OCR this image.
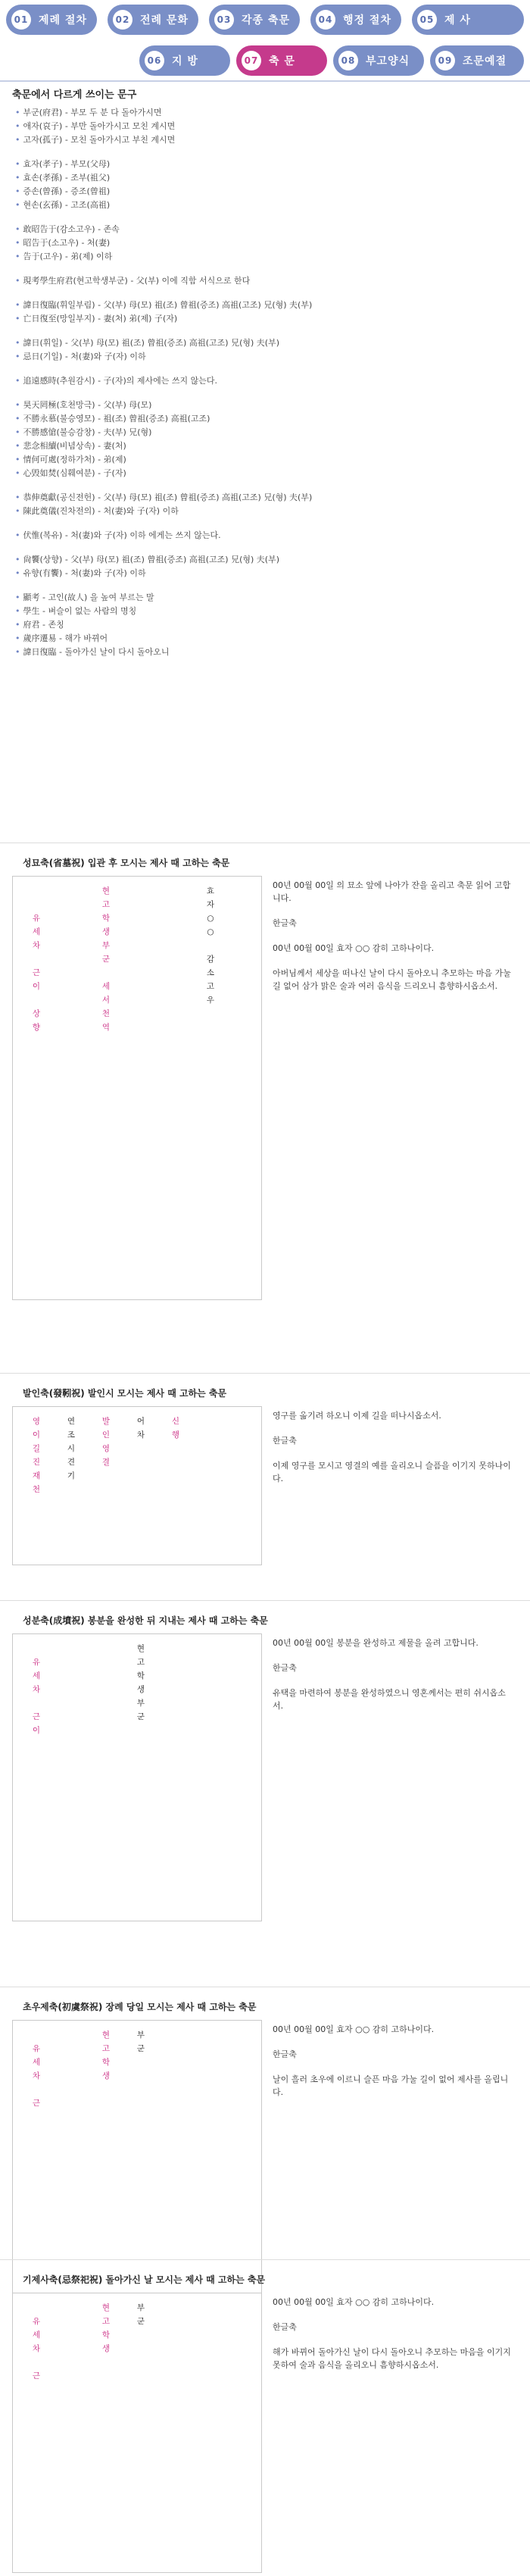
01 제례 절차	02 전례 문화	03 각종 축문	04 행정 절차	05 제 사
06 지 방	07 축 문	08 부고양식	09 조문예절
축문에서 다르게 쓰이는 문구
• 부군(府君) - 부모 두 분 다 돌아가시면
• 애자(哀子) - 부만 돌아가시고 모친 계시면
• 고자(孤子) - 모친 돌아가시고 부친 계시면
• 효자(孝子) - 부모(父母)
• 효손(孝孫) - 조부(祖父)
• 증손(曾孫) - 증조(曾祖)
• 현손(玄孫) - 고조(高祖)
• 敢昭告于(감소고우) - 존속
• 昭告于(소고우) - 처(妻)
• 告于(고우) - 弟(제) 이하
• 現考學生府君(현고학생부군) - 父(부) 이에 직함 서식으로 한다
• 諱日復臨(휘일부림) - 父(부) 母(모) 祖(조) 曾祖(증조) 高祖(고조) 兄(형) 夫(부)
• 亡日復至(망일부지) - 妻(처) 弟(제) 子(자)
• 諱日(휘일) - 父(부) 母(모) 祖(조) 曾祖(증조) 高祖(고조) 兄(형) 夫(부)
• 忌日(기일) - 처(妻)와 子(자) 이하
• 追遠感時(추원감시) - 子(자)의 제사에는 쓰지 않는다.
• 昊天罔極(호천망극) - 父(부) 母(모)
• 不勝永慕(불승영모) - 祖(조) 曾祖(증조) 高祖(고조)
• 不勝感愴(불승감창) - 夫(부) 兄(형)
• 悲念相續(비념상속) - 妻(처)
• 情何可處(정하가처) - 弟(제)
• 心毁如焚(심훼여분) - 子(자)
• 恭伸奠獻(공신전헌) - 父(부) 母(모) 祖(조) 曾祖(증조) 高祖(고조) 兄(형) 夫(부)
• 陳此奠儀(진차전의) - 처(妻)와 子(자) 이하
• 伏惟(복유) - 처(妻)와 子(자) 이하 에게는 쓰지 않는다.
• 尙饗(상향) - 父(부) 母(모) 祖(조) 曾祖(증조) 高祖(고조) 兄(형) 夫(부)
• 유향(有饗) - 처(妻)와 子(자) 이하
• 顯考 - 고인(故人) 을 높여 부르는 말
• 學生 - 벼슬이 없는 사람의 명칭
• 府君 - 존칭
• 歲序遷易 - 해가 바뀌어
• 諱日復臨 - 돌아가신 날이 다시 돌아오니
성묘축(省墓祝) 입관 후 모시는 제사 때 고하는 축문
유
세
차
근
이
상
향
현
고
학
생
부
군
세
서
천
역
효
자
○
○
감
소
고
우

00년 00월 00일 의 묘소 앞에 나아가 잔을 올리고 축문 읽어 고합니다.

한글축

00년 00월 00일 효자 ○○ 감히 고하나이다.

아버님께서 세상을 떠나신 날이 다시 돌아오니 추모하는 마음 가눌 길 없어 삼가 맑은 술과 여러 음식을 드리오니 흠향하시옵소서.

발인축(發靷祝) 발인시 모시는 제사 때 고하는 축문
영
이
길
진
재
천
연
조
시
견
기
발
인
영
결
어
차
신
행

영구를 옮기려 하오니 이제 길을 떠나시옵소서.

한글축

이제 영구를 모시고 영결의 예를 올리오니 슬픔을 이기지 못하나이다.

성분축(成墳祝) 봉분을 완성한 뒤 지내는 제사 때 고하는 축문
유
세
차
근
이
현
고
학
생
부
군

00년 00월 00일 봉분을 완성하고 제물을 올려 고합니다.

한글축

유택을 마련하여 봉분을 완성하였으니 영혼께서는 편히 쉬시옵소서.

초우제축(初虞祭祝) 장례 당일 모시는 제사 때 고하는 축문
유
세
차
근
현
고
학
생
부
군

00년 00월 00일 효자 ○○ 감히 고하나이다.

한글축

날이 흘러 초우에 이르니 슬픈 마음 가눌 길이 없어 제사를 올립니다.

기제사축(忌祭祀祝) 돌아가신 날 모시는 제사 때 고하는 축문
유
세
차
근
현
고
학
생
부
군

00년 00월 00일 효자 ○○ 감히 고하나이다.

한글축

해가 바뀌어 돌아가신 날이 다시 돌아오니 추모하는 마음을 이기지 못하여 술과 음식을 올리오니 흠향하시옵소서.
